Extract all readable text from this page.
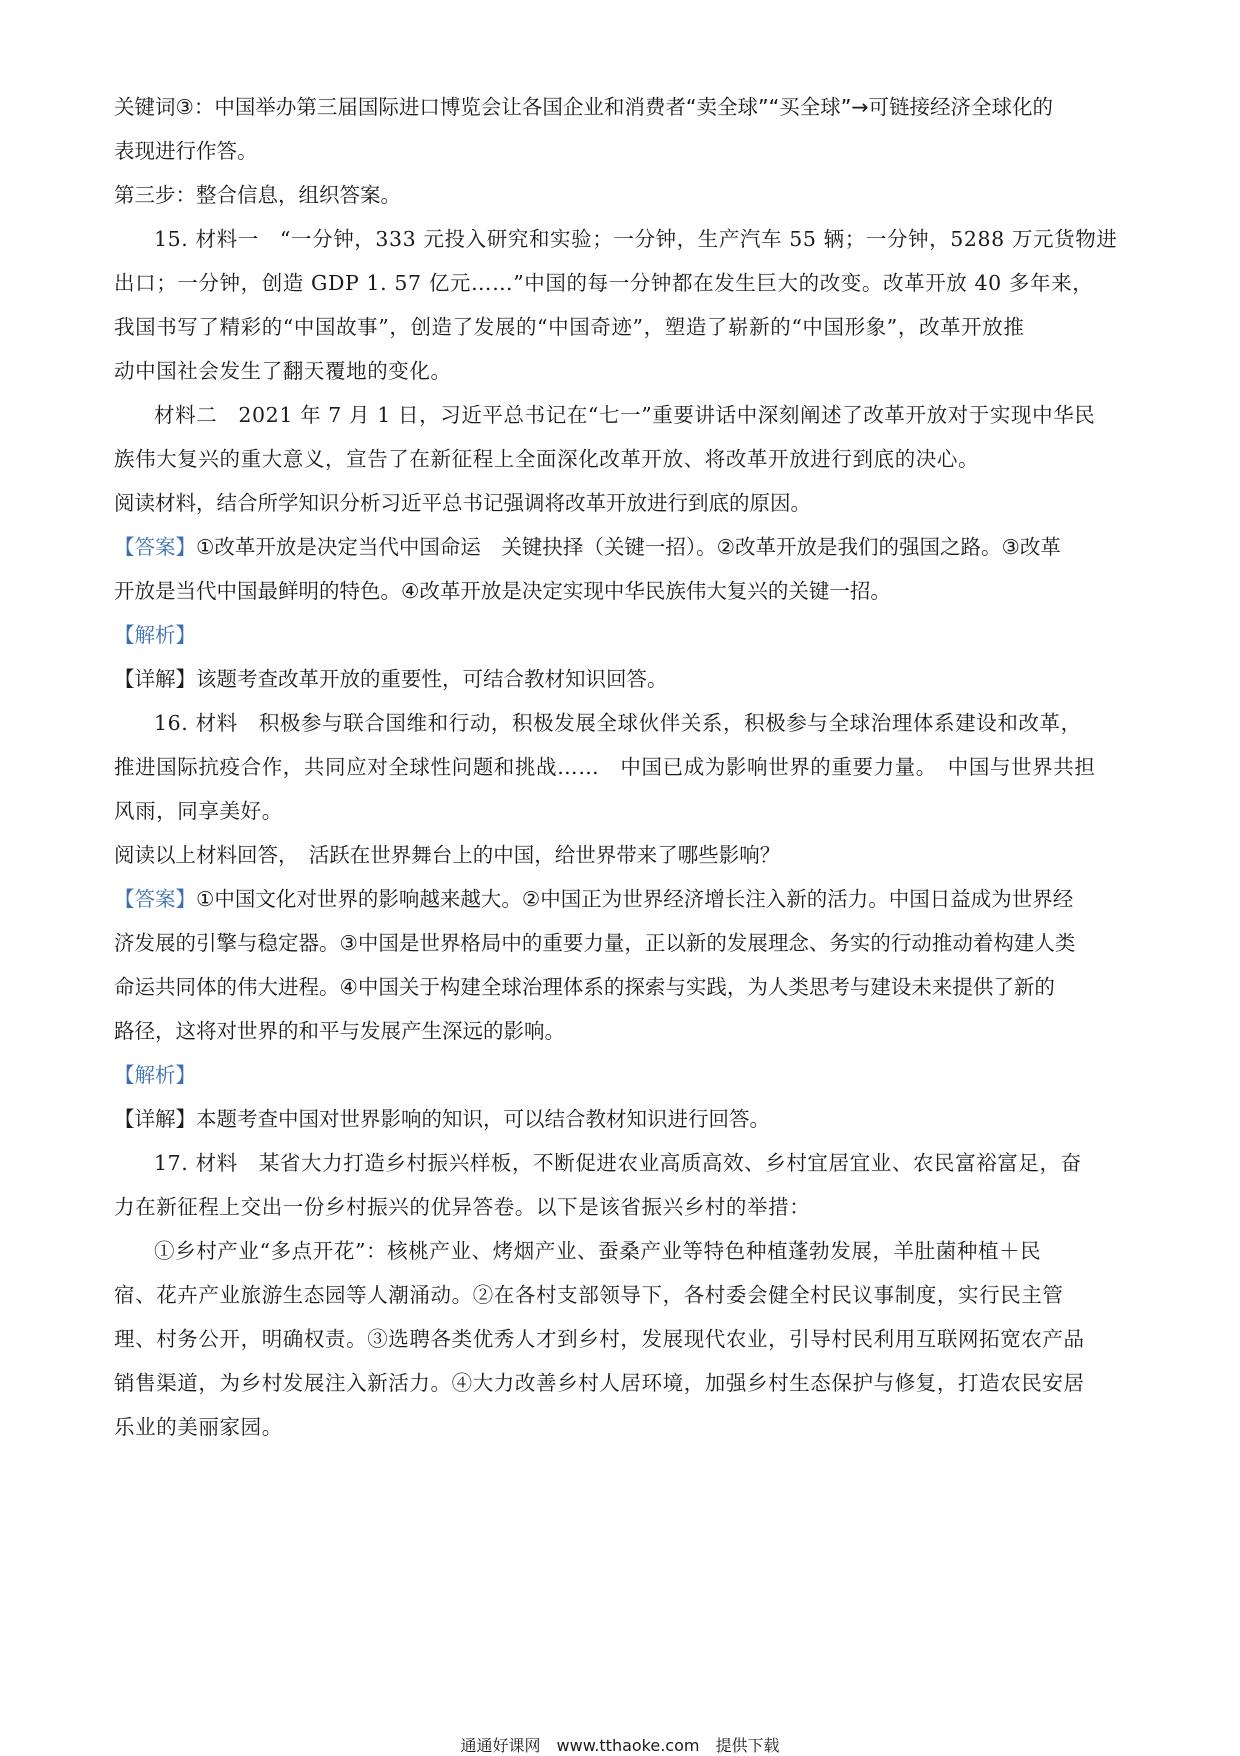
关键词③：中国举办第三届国际进口博览会让各国企业和消费者“卖全球”“买全球”→可链接经济全球化的
表现进行作答。
第三步：整合信息，组织答案。
15. 材料一　“一分钟，333 元投入研究和实验；一分钟，生产汽车 55 辆；一分钟，5288 万元货物进
出口；一分钟，创造 GDP 1. 57 亿元……”中国的每一分钟都在发生巨大的改变。改革开放 40 多年来，
我国书写了精彩的“中国故事”，创造了发展的“中国奇迹”，塑造了崭新的“中国形象”，改革开放推
动中国社会发生了翻天覆地的变化。
材料二　2021 年 7 月 1 日，习近平总书记在“七一”重要讲话中深刻阐述了改革开放对于实现中华民
族伟大复兴的重大意义，宣告了在新征程上全面深化改革开放、将改革开放进行到底的决心。
阅读材料，结合所学知识分析习近平总书记强调将改革开放进行到底的原因。
【答案】①改革开放是决定当代中国命运　关键抉择（关键一招）。②改革开放是我们的强国之路。③改革
开放是当代中国最鲜明的特色。④改革开放是决定实现中华民族伟大复兴的关键一招。
【解析】
【详解】该题考查改革开放的重要性，可结合教材知识回答。
16. 材料　积极参与联合国维和行动，积极发展全球伙伴关系，积极参与全球治理体系建设和改革，
推进国际抗疫合作，共同应对全球性问题和挑战……　中国已成为影响世界的重要力量。　中国与世界共担
风雨，同享美好。
阅读以上材料回答，　活跃在世界舞台上的中国，给世界带来了哪些影响？
【答案】①中国文化对世界的影响越来越大。②中国正为世界经济增长注入新的活力。中国日益成为世界经
济发展的引擎与稳定器。③中国是世界格局中的重要力量，正以新的发展理念、务实的行动推动着构建人类
命运共同体的伟大进程。④中国关于构建全球治理体系的探索与实践，为人类思考与建设未来提供了新的
路径，这将对世界的和平与发展产生深远的影响。
【解析】
【详解】本题考查中国对世界影响的知识，可以结合教材知识进行回答。
17. 材料　某省大力打造乡村振兴样板，不断促进农业高质高效、乡村宜居宜业、农民富裕富足，奋
力在新征程上交出一份乡村振兴的优异答卷。以下是该省振兴乡村的举措：
①乡村产业“多点开花”：核桃产业、烤烟产业、蚕桑产业等特色种植蓬勃发展，羊肚菌种植＋民
宿、花卉产业旅游生态园等人潮涌动。②在各村支部领导下，各村委会健全村民议事制度，实行民主管
理、村务公开，明确权责。③选聘各类优秀人才到乡村，发展现代农业，引导村民利用互联网拓宽农产品
销售渠道，为乡村发展注入新活力。④大力改善乡村人居环境，加强乡村生态保护与修复，打造农民安居
乐业的美丽家园。
通通好课网　www.tthaoke.com　提供下载
